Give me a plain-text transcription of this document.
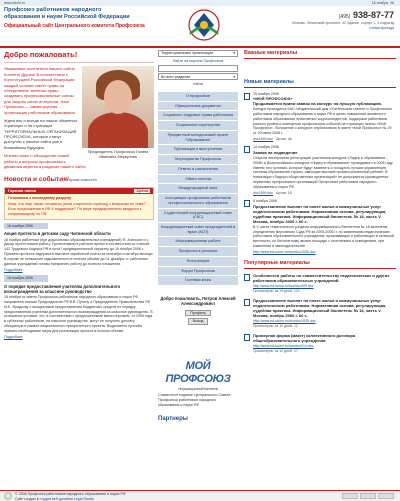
www.eduhr.ru	18 ноября, 06
Профсоюз работников народного
образования и науки Российской Федерации
Официальный сайт Центрального комитета Профсоюза
(495) 938-87-77
Москва, Ленинский проспект, 42 Здание, корпус 1, 3 подъезд
схема проезда
Добро пожаловать!
Уважаемые посетители нашего сайта! Коллеги! Друзья! В соответствии с Конституцией Российской Федерации каждый человек имеет право на объединение, включая право создавать профессиональные союзы для защиты своих интересов. Наш Профсоюз — самая крупная организация работников образования.
Председатель Профсоюза Галина Ивановна Меркулова
Ждем вас и всегда на наших обменных страницах и на страницах ТЕРРИТОРИАЛЬНЫХ ОРГАНИЗАЦИЙ ПРОФСОЮЗА, которые станут доступны с нашего сайта уже в ближайшем будущем.
Мнение ваше и обсуждение нашей работы и вопросы профсоюзного движения ведется в разделах нашего сайта.
Новости и события/Архив новостей
Горячая линия	Архив
Готовимся к последнему разделу

Итак, что еще также готовится (если сторонних страниц) к вопросам по теме? Есть предложения в ЛФ-4 поддержке? По мере предварительно вводится к сохраняющему по ЛФ.

16 ноября 2006
Акция протеста в детском саду Читинской области
16 ноября работники (при дошкольных образовательных учреждений) Ф. Агинское и с. Дакар протестовали работу. Протестовали в рабочее время в соответствии со статьей 142 Трудового Кодекса РФ в ночи? предварительный характер до 19 ноября 2006 г. Причина протеста задержка в выплате заработной платы за сентябрь и октябрь месяцы. В случае не погашения задолженности в полном объеме до 01 декабря т.г. работники данных учреждений готовы прекратить работу до полного погашения.
Подробнее
15 ноября 2006
О порядке предоставления учителям дополнительного вознаграждения за классное руководство
15 ноября от имени Профсоюза работников народного образования и науки РФ направлено письмо Председателю РФ В.В. Путину и Председателю Правительства РФ М.Е. Фрадкову с инициативой предоставления бюджетных средств по порядку предоставления учителям дополнительного вознаграждения за классное руководство. В отношении условий, что, в соответствии с предложенными министерством, от 2006 года в субъектах работников, на классное руководство, могут не получить доплату, обещанную в рамках национального приоритетного проекта. Выделяется просьба принять необходимые меры для реализации проекта в полном объеме.
Подробнее
Территориальные организации	▾
Найти на портале Профсоюза
Во всех разделах	▾
Найти
О профсоюзе
Официальные документы
Социально-трудовые права работников
Социальное партнерство
Предметный методический проект "Образование"
Публикации и выступления
Мероприятия Профсоюза
Ответы и разъяснения
Обмен опытом
Международный опыт
Ассоциация профсоюзов работников профессионального образования
Студенческий координационный совет (СКС)
Координационный совет председателей в вузах (КСП)
Информационная работа
Профсоюз в регионах
Фотогалерея
Форум Профсоюза
Гостевая книга
Добро пожаловать, Петров Алексей Александрович!
Профиль
Выход
МОЙ ПРОФСОЮЗ
Информационный бюллетень
Совместное издание Центрального Совета Профсоюза работников народного образования и науки РФ
Партнеры
Важные материалы
Новые материалы
15 ноября 2006
«МОЙ ПРОФСОЮЗ»
Продолжается прием заявок на конкурс на лучшую публикацию.
Конкурс проводится ЗАО «Издательский дом «Учительская газета» и Профсоюзом работников народного образования и науки РФ в целях повышения активности работников образования, внештатных корреспондентов, поддержки работников разного уровня и освещения профсоюзных событий на страницах газеты «Мой Профсоюз». Положение о конкурсе опубликовано в газете «Мой Профсоюз» № 29 от 20 июля 2006 г.
doc1490.doc Архив: da
14 ноября 2006
Заявка на подведение
Открыта электронная регистрация участников конкурса «Лидер в образовании – 2006» и Всероссийского конкурса «Лидер в образовании» проводимого в 2006 году. Имеем того условия, которые будут выявлять и поощрять лучших управленцев системы образования страны, имеющих высокий профессиональный рейтинг. В номинации «Лидеры общественных организаций» не допускаются руководители первичных профсоюзных организаций Профсоюза работников народного образования и науки РФ.
doc1599.doc Архив: 18
5 ноября 2006
Предоставление выплат по плате жилья и коммунальных услуг педагогическим работникам. Нормативная основа, регулирующая, судебная практика. Информационный бюллетень № 18, часть V. Москва, ноябрь 2006 г. 60 с.
В V части тематического раздела информационного бюллетеня № 18 включены определения Верховного Суда РФ за 2005-2006 гг. по заявлениям педагогических работников образовательного учреждения, проживающих и работающих в сельской местности, по бесплатному жилью площадь с отоплением и освещением, при изменении в законодательстве.
http://www.ed-union.ru/doc/doc1535.doc
Популярные материалы
Особенности работы по совместительству педагогических и других работников образовательных учреждений.
http://www.ed-union.ru/doc/doc009.doc
Просмотров: за 10 дней: 121
Предоставление выплат по плате жилья и коммунальных услуг педагогическим работникам. Нормативная основа, регулирующая, судебная практика. Информационный бюллетень № 18, часть V. Москва, ноябрь 2006 г. 60 с.
http://www.ed-union.ru/doc/doc1535.doc
Просмотров: за 10 дней: 12
Примерная форма (макет) коллективного договора общеобразовательного учреждения.
http://www.ed-union.ru/doc/doc014.doc
Просмотров: за 10 дней: 17
© 2006 Профсоюз работников народного образования и науки РФ
Сайт создан в студии веб-дизайна Legal Studio
